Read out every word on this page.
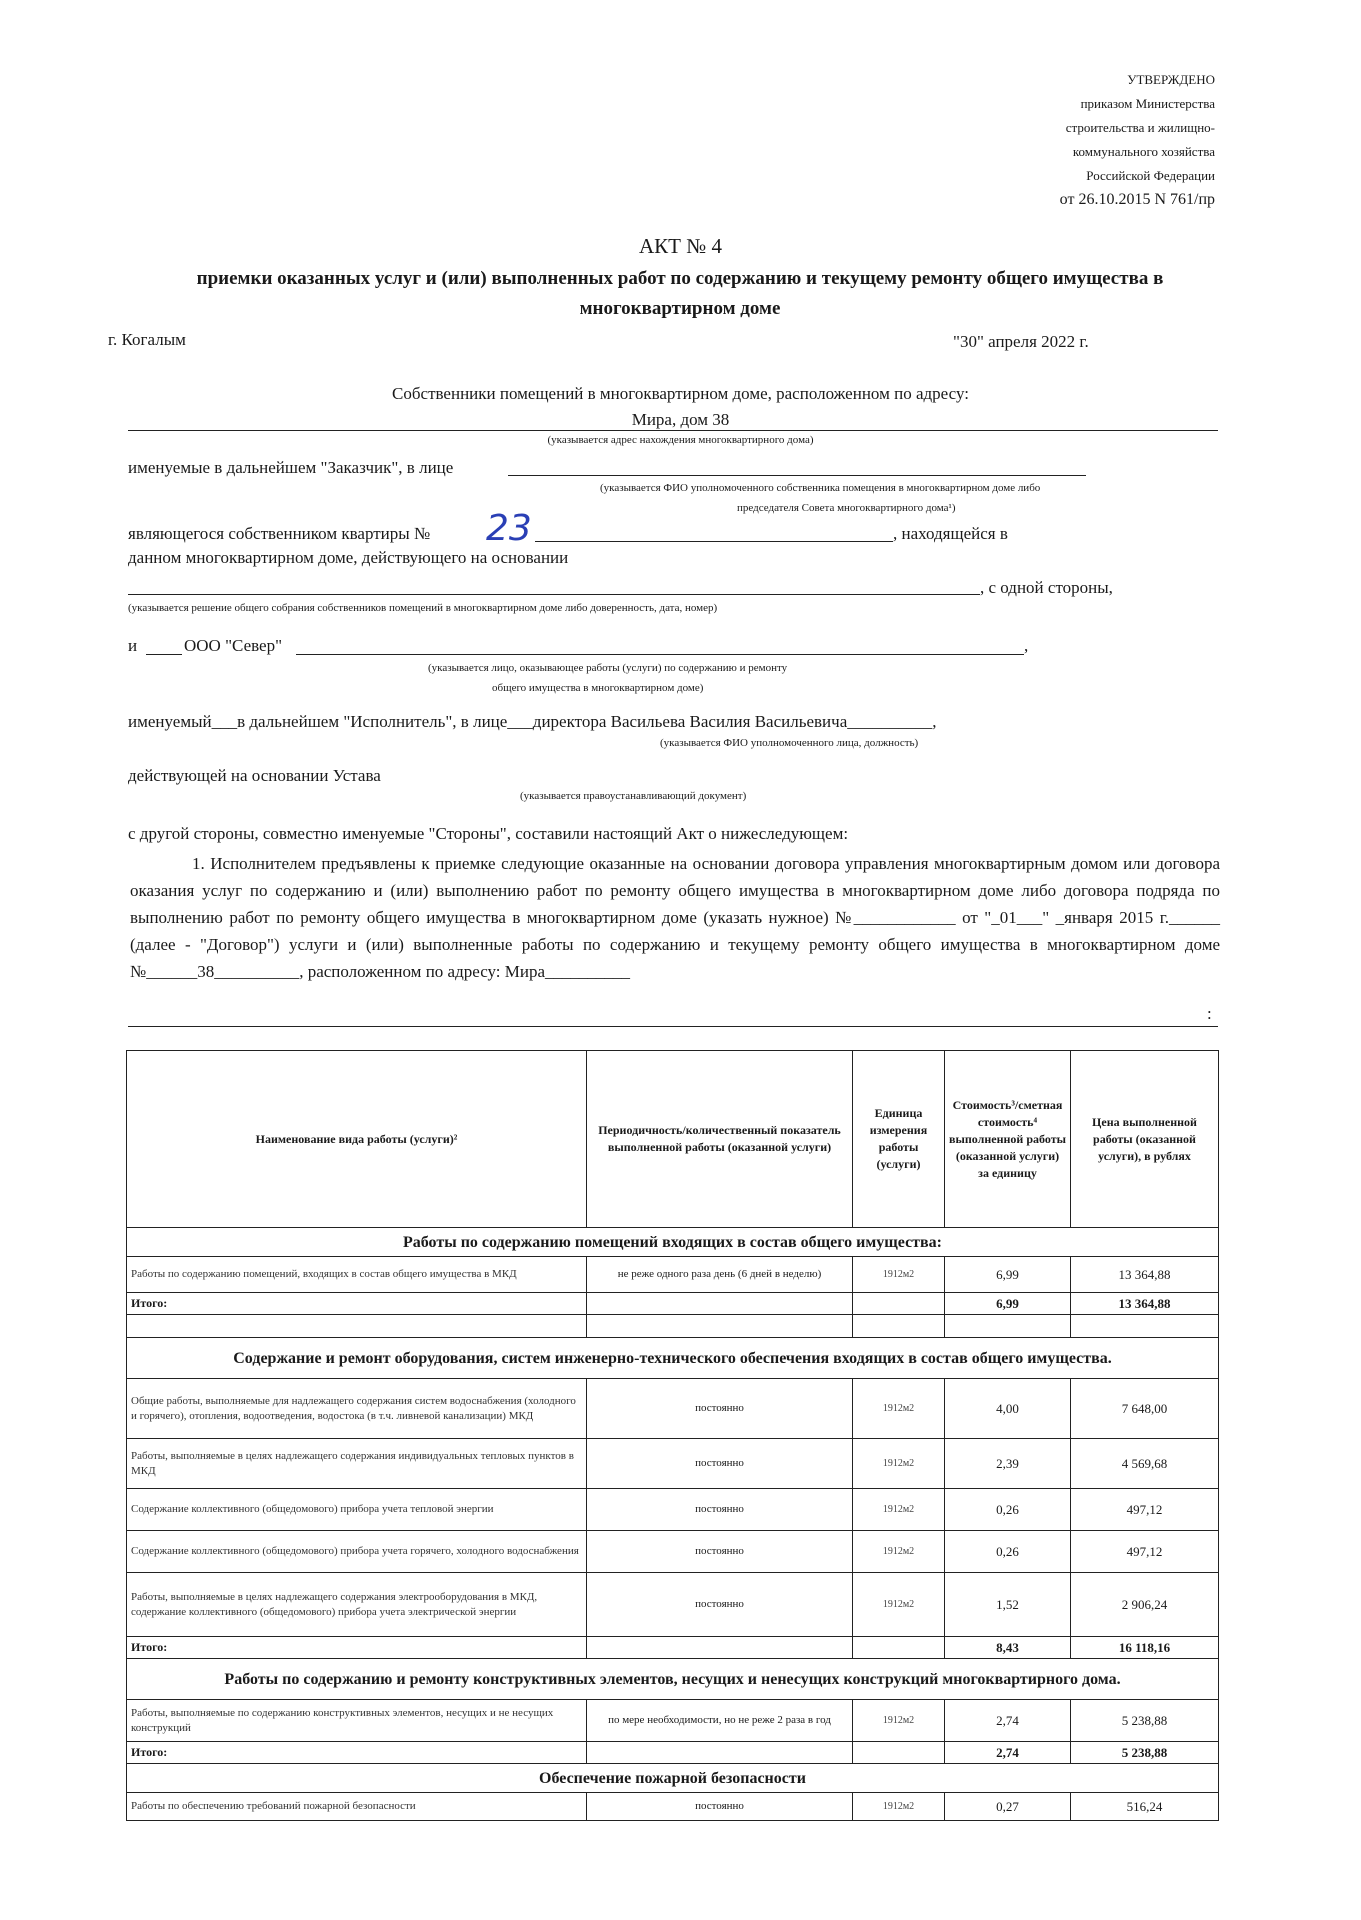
УТВЕРЖДЕНО
приказом Министерства
строительства и жилищно-
коммунального хозяйства
Российской Федерации
от 26.10.2015 N 761/пр
АКТ № 4
приемки оказанных услуг и (или) выполненных работ по содержанию и текущему ремонту общего имущества в многоквартирном доме
г. Когалым	"30" апреля 2022 г.
Собственники помещений в многоквартирном доме, расположенном по адресу:
Мира, дом 38
(указывается адрес нахождения многоквартирного дома)
именуемые в дальнейшем "Заказчик", в лице
(указывается ФИО уполномоченного собственника помещения в многоквартирном доме либо
председателя Совета многоквартирного дома¹)
являющегося собственником квартиры № 23	, находящейся в
данном многоквартирном доме, действующего на основании
, с одной стороны,
(указывается решение общего собрания собственников помещений в многоквартирном доме либо доверенность, дата, номер)
и	ООО "Север"	,
(указывается лицо, оказывающее работы (услуги) по содержанию и ремонту
общего имущества в многоквартирном доме)
именуемый___в дальнейшем "Исполнитель", в лице___директора Васильева Василия Васильевича__________,
(указывается ФИО уполномоченного лица, должность)
действующей на основании Устава
(указывается правоустанавливающий документ)
с другой стороны, совместно именуемые "Стороны", составили настоящий Акт о нижеследующем:
1. Исполнителем предъявлены к приемке следующие оказанные на основании договора управления многоквартирным домом или договора оказания услуг по содержанию и (или) выполнению работ по ремонту общего имущества в многоквартирном доме либо договора подряда по выполнению работ по ремонту общего имущества в многоквартирном доме (указать нужное) №____________ от "_01___" _января 2015 г.______ (далее - "Договор") услуги и (или) выполненные работы по содержанию и текущему ремонту общего имущества в многоквартирном доме №______38__________, расположенном по адресу: Мира__________
:
Наименование вида работы (услуги)²	Периодичность/количественный показатель выполненной работы (оказанной услуги)	Единица измерения работы (услуги)	Стоимость³/сметная стоимость⁴ выполненной работы (оказанной услуги) за единицу	Цена выполненной работы (оказанной услуги), в рублях
Работы по содержанию помещений входящих в состав общего имущества:				
Работы по содержанию помещений, входящих в состав общего имущества в МКД	не реже одного раза день (6 дней в неделю)	1912м2	6,99	13 364,88
Итого:			6,99	13 364,88

Содержание и ремонт оборудования, систем инженерно-технического обеспечения входящих в состав общего имущества.				
Общие работы, выполняемые для надлежащего содержания систем водоснабжения (холодного и горячего), отопления, водоотведения, водостока (в т.ч. ливневой канализации) МКД	постоянно	1912м2	4,00	7 648,00
Работы, выполняемые в целях надлежащего содержания индивидуальных тепловых пунктов в МКД	постоянно	1912м2	2,39	4 569,68
Содержание коллективного (общедомового) прибора учета тепловой энергии	постоянно	1912м2	0,26	497,12
Содержание коллективного (общедомового) прибора учета горячего, холодного водоснабжения	постоянно	1912м2	0,26	497,12
Работы, выполняемые в целях надлежащего содержания электрооборудования в МКД, содержание коллективного (общедомового) прибора учета электрической энергии	постоянно	1912м2	1,52	2 906,24
Итого:			8,43	16 118,16
Работы по содержанию и ремонту конструктивных элементов, несущих и ненесущих конструкций многоквартирного дома.				
Работы, выполняемые по содержанию конструктивных элементов, несущих и не несущих конструкций	по мере необходимости, но не реже 2 раза в год	1912м2	2,74	5 238,88
Итого:			2,74	5 238,88
Обеспечение пожарной безопасности				
Работы по обеспечению требований пожарной безопасности	постоянно	1912м2	0,27	516,24
